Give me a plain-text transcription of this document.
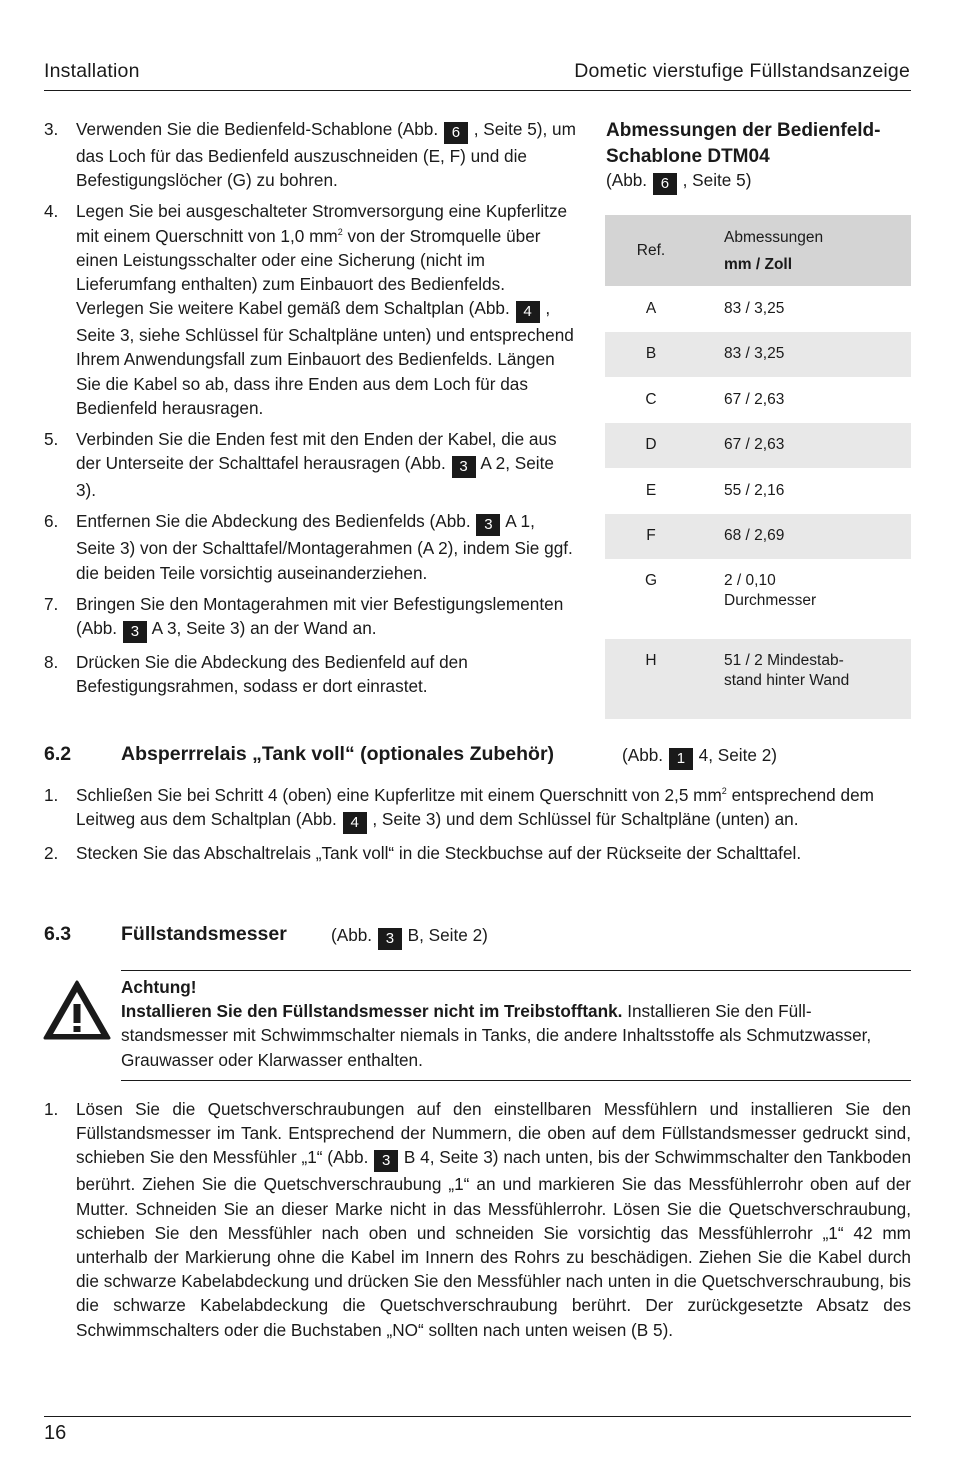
Installation	Dometic vierstufige Füllstandsanzeige
3. Verwenden Sie die Bedienfeld-Schablone (Abb. 6 , Seite 5), um das Loch für das Bedienfeld auszuschneiden (E, F) und die Befestigungslöcher (G) zu bohren.
4. Legen Sie bei ausgeschalteter Stromversorgung eine Kupferlitze mit einem Querschnitt von 1,0 $mm^2$ von der Stromquelle über einen Leistungsschalter oder eine Sicherung (nicht im Lieferumfang enthalten) zum Einbauort des Bedienfelds. Verlegen Sie weitere Kabel gemäß dem Schaltplan (Abb. 4 , Seite 3, siehe Schlüssel für Schaltpläne unten) und entsprechend Ihrem Anwendungsfall zum Einbauort des Bedienfelds. Längen Sie die Kabel so ab, dass ihre Enden aus dem Loch für das Bedienfeld herausragen.
5. Verbinden Sie die Enden fest mit den Enden der Kabel, die aus der Unterseite der Schalttafel herausragen (Abb. 3 A 2, Seite 3).
6. Entfernen Sie die Abdeckung des Bedienfelds (Abb. 3 A 1, Seite 3) von der Schalttafel/Montagerahmen (A 2), indem Sie ggf. die beiden Teile vorsichtig auseinanderziehen.
7. Bringen Sie den Montagerahmen mit vier Befestigungslementen (Abb. 3 A 3, Seite 3) an der Wand an.
8. Drücken Sie die Abdeckung des Bedienfeld auf den Befestigungsrahmen, sodass er dort einrastet.
Abmessungen der Bedienfeld-Schablone DTM04
(Abb. 6 , Seite 5)
Ref.	Abmessungen
mm / Zoll
A	83 / 3,25
B	83 / 3,25
C	67 / 2,63
D	67 / 2,63
E	55 / 2,16
F	68 / 2,69
G	2 / 0,10
Durchmesser
H	51 / 2 Mindestab-
stand hinter Wand
6.2	Absperrrelais „Tank voll“ (optionales Zubehör)	(Abb. 1 4, Seite 2)
1. Schließen Sie bei Schritt 4 (oben) eine Kupferlitze mit einem Querschnitt von 2,5 $mm^2$ entsprechend dem Leitweg aus dem Schaltplan (Abb. 4 , Seite 3) und dem Schlüssel für Schaltpläne (unten) an.
2. Stecken Sie das Abschaltrelais „Tank voll“ in die Steckbuchse auf der Rückseite der Schalttafel.
6.3	Füllstandsmesser	(Abb. 3 B, Seite 2)
Achtung!
Installieren Sie den Füllstandsmesser nicht im Treibstofftank. Installieren Sie den Füllstandsmesser mit Schwimmschalter niemals in Tanks, die andere Inhaltsstoffe als Schmutzwasser, Grauwasser oder Klarwasser enthalten.
1. Lösen Sie die Quetschverschraubungen auf den einstellbaren Messfühlern und installieren Sie den Füllstandsmesser im Tank. Entsprechend der Nummern, die oben auf dem Füllstandsmesser gedruckt sind, schieben Sie den Messfühler „1“ (Abb. 3 B 4, Seite 3) nach unten, bis der Schwimmschalter den Tankboden berührt. Ziehen Sie die Quetschverschraubung „1“ an und markieren Sie das Messfühlerrohr oben auf der Mutter. Schneiden Sie an dieser Marke nicht in das Messfühlerrohr. Lösen Sie die Quetschverschraubung, schieben Sie den Messfühler nach oben und schneiden Sie vorsichtig das Messfühlerrohr „1“ 42 mm unterhalb der Markierung ohne die Kabel im Innern des Rohrs zu beschädigen. Ziehen Sie die Kabel durch die schwarze Kabelabdeckung und drücken Sie den Messfühler nach unten in die Quetschverschraubung, bis die schwarze Kabelabdeckung die Quetschverschraubung berührt. Der zurückgesetzte Absatz des Schwimmschalters oder die Buchstaben „NO“ sollten nach unten weisen (B 5).
16
